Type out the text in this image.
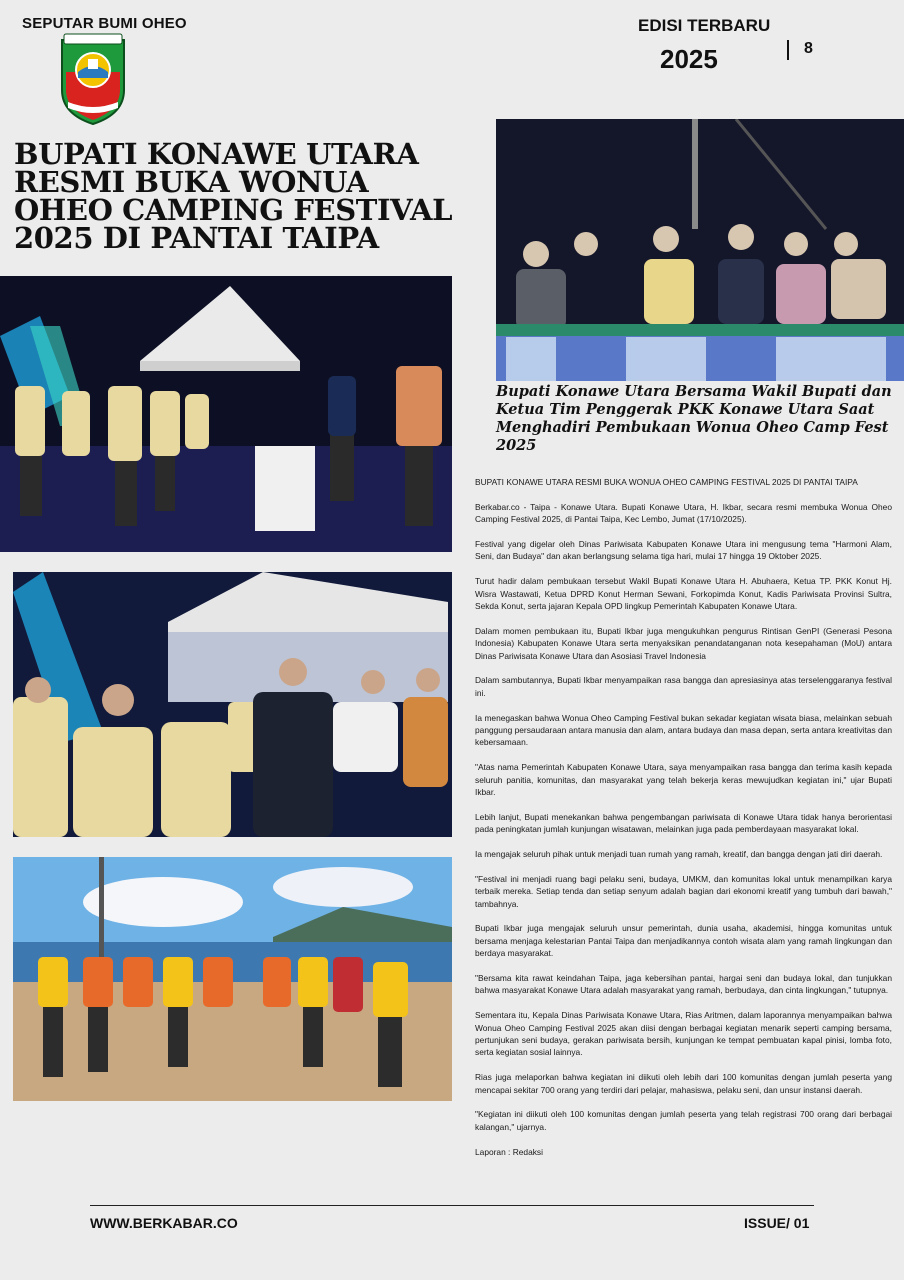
SEPUTAR BUMI OHEO	EDISI TERBARU
2025	8
BUPATI KONAWE UTARA RESMI BUKA WONUA OHEO CAMPING FESTIVAL 2025 DI PANTAI TAIPA
Bupati Konawe Utara Bersama Wakil Bupati dan Ketua Tim Penggerak PKK Konawe Utara Saat Menghadiri Pembukaan Wonua Oheo Camp Fest 2025

BUPATI KONAWE UTARA RESMI BUKA WONUA OHEO CAMPING FESTIVAL 2025 DI PANTAI TAIPA

Berkabar.co - Taipa - Konawe Utara. Bupati Konawe Utara, H. Ikbar, secara resmi membuka Wonua Oheo Camping Festival 2025, di Pantai Taipa, Kec Lembo, Jumat (17/10/2025).

Festival yang digelar oleh Dinas Pariwisata Kabupaten Konawe Utara ini mengusung tema "Harmoni Alam, Seni, dan Budaya" dan akan berlangsung selama tiga hari, mulai 17 hingga 19 Oktober 2025.

Turut hadir dalam pembukaan tersebut Wakil Bupati Konawe Utara H. Abuhaera, Ketua TP. PKK Konut Hj. Wisra Wastawati, Ketua DPRD Konut Herman Sewani, Forkopimda Konut, Kadis Pariwisata Provinsi Sultra, Sekda Konut, serta jajaran Kepala OPD lingkup Pemerintah Kabupaten Konawe Utara.

Dalam momen pembukaan itu, Bupati Ikbar juga mengukuhkan pengurus Rintisan GenPI (Generasi Pesona Indonesia) Kabupaten Konawe Utara serta menyaksikan penandatanganan nota kesepahaman (MoU) antara Dinas Pariwisata Konawe Utara dan Asosiasi Travel Indonesia

Dalam sambutannya, Bupati Ikbar menyampaikan rasa bangga dan apresiasinya atas terselenggaranya festival ini.

Ia menegaskan bahwa Wonua Oheo Camping Festival bukan sekadar kegiatan wisata biasa, melainkan sebuah panggung persaudaraan antara manusia dan alam, antara budaya dan masa depan, serta antara kreativitas dan kebersamaan.

"Atas nama Pemerintah Kabupaten Konawe Utara, saya menyampaikan rasa bangga dan terima kasih kepada seluruh panitia, komunitas, dan masyarakat yang telah bekerja keras mewujudkan kegiatan ini," ujar Bupati Ikbar.

Lebih lanjut, Bupati menekankan bahwa pengembangan pariwisata di Konawe Utara tidak hanya berorientasi pada peningkatan jumlah kunjungan wisatawan, melainkan juga pada pemberdayaan masyarakat lokal.

Ia mengajak seluruh pihak untuk menjadi tuan rumah yang ramah, kreatif, dan bangga dengan jati diri daerah.

"Festival ini menjadi ruang bagi pelaku seni, budaya, UMKM, dan komunitas lokal untuk menampilkan karya terbaik mereka. Setiap tenda dan setiap senyum adalah bagian dari ekonomi kreatif yang tumbuh dari bawah," tambahnya.

Bupati Ikbar juga mengajak seluruh unsur pemerintah, dunia usaha, akademisi, hingga komunitas untuk bersama menjaga kelestarian Pantai Taipa dan menjadikannya contoh wisata alam yang ramah lingkungan dan berdaya masyarakat.

"Bersama kita rawat keindahan Taipa, jaga kebersihan pantai, hargai seni dan budaya lokal, dan tunjukkan bahwa masyarakat Konawe Utara adalah masyarakat yang ramah, berbudaya, dan cinta lingkungan," tutupnya.

Sementara itu, Kepala Dinas Pariwisata Konawe Utara, Rias Aritmen, dalam laporannya menyampaikan bahwa Wonua Oheo Camping Festival 2025 akan diisi dengan berbagai kegiatan menarik seperti camping bersama, pertunjukan seni budaya, gerakan pariwisata bersih, kunjungan ke tempat pembuatan kapal pinisi, lomba foto, serta kegiatan sosial lainnya.

Rias juga melaporkan bahwa kegiatan ini diikuti oleh lebih dari 100 komunitas dengan jumlah peserta yang mencapai sekitar 700 orang yang terdiri dari pelajar, mahasiswa, pelaku seni, dan unsur instansi daerah.

"Kegiatan ini diikuti oleh 100 komunitas dengan jumlah peserta yang telah registrasi 700 orang dari berbagai kalangan," ujarnya.

Laporan : Redaksi

WWW.BERKABAR.CO	ISSUE/ 01
